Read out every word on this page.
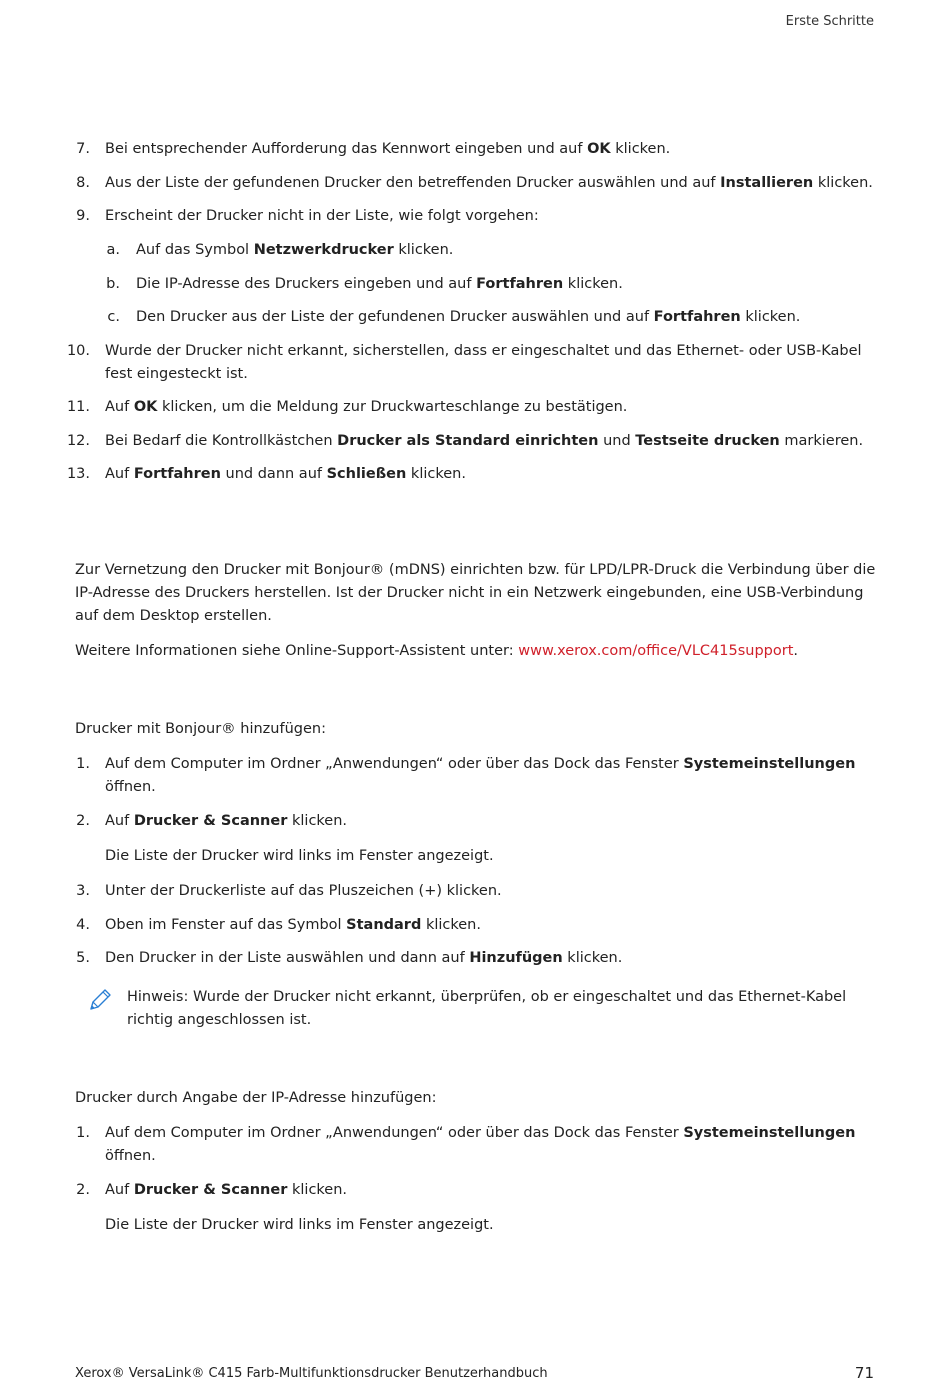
Erste Schritte
7. Bei entsprechender Aufforderung das Kennwort eingeben und auf OK klicken.
8. Aus der Liste der gefundenen Drucker den betreffenden Drucker auswählen und auf Installieren klicken.
9. Erscheint der Drucker nicht in der Liste, wie folgt vorgehen:
a. Auf das Symbol Netzwerkdrucker klicken.
b. Die IP-Adresse des Druckers eingeben und auf Fortfahren klicken.
c. Den Drucker aus der Liste der gefundenen Drucker auswählen und auf Fortfahren klicken.
10. Wurde der Drucker nicht erkannt, sicherstellen, dass er eingeschaltet und das Ethernet- oder USB-Kabel fest eingesteckt ist.
11. Auf OK klicken, um die Meldung zur Druckwarteschlange zu bestätigen.
12. Bei Bedarf die Kontrollkästchen Drucker als Standard einrichten und Testseite drucken markieren.
13. Auf Fortfahren und dann auf Schließen klicken.
Zur Vernetzung den Drucker mit Bonjour® (mDNS) einrichten bzw. für LPD/LPR-Druck die Verbindung über die IP-Adresse des Druckers herstellen. Ist der Drucker nicht in ein Netzwerk eingebunden, eine USB-Verbindung auf dem Desktop erstellen.
Weitere Informationen siehe Online-Support-Assistent unter: www.xerox.com/office/VLC415support.
Drucker mit Bonjour® hinzufügen:
1. Auf dem Computer im Ordner „Anwendungen“ oder über das Dock das Fenster Systemeinstellungen öffnen.
2. Auf Drucker & Scanner klicken.
Die Liste der Drucker wird links im Fenster angezeigt.
3. Unter der Druckerliste auf das Pluszeichen (+) klicken.
4. Oben im Fenster auf das Symbol Standard klicken.
5. Den Drucker in der Liste auswählen und dann auf Hinzufügen klicken.
Hinweis: Wurde der Drucker nicht erkannt, überprüfen, ob er eingeschaltet und das Ethernet-Kabel richtig angeschlossen ist.
Drucker durch Angabe der IP-Adresse hinzufügen:
1. Auf dem Computer im Ordner „Anwendungen“ oder über das Dock das Fenster Systemeinstellungen öffnen.
2. Auf Drucker & Scanner klicken.
Die Liste der Drucker wird links im Fenster angezeigt.
Xerox® VersaLink® C415 Farb-Multifunktionsdrucker Benutzerhandbuch	71
